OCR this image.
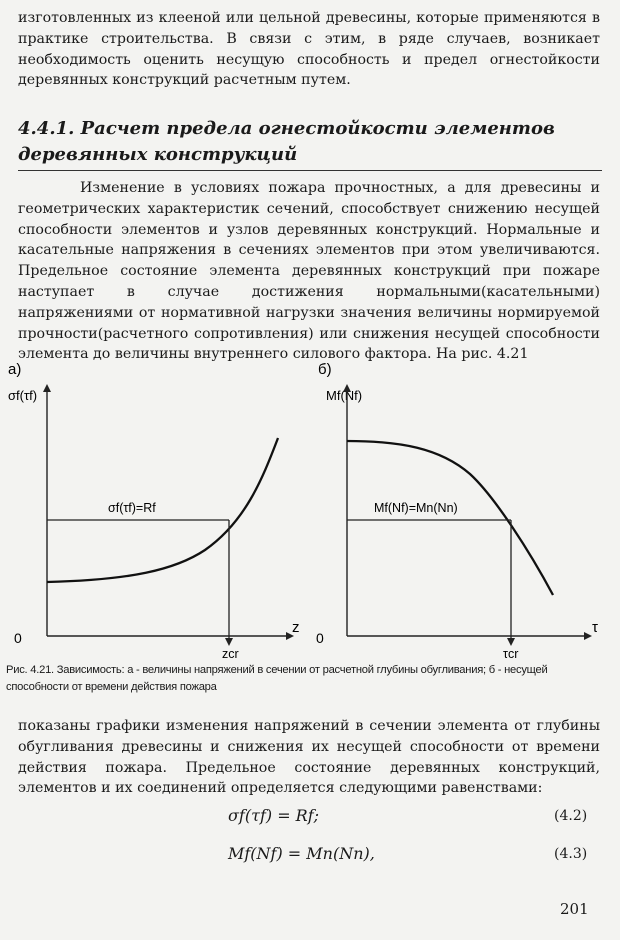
изготовленных из клееной или цельной древесины, которые применяются в практике строительства. В связи с этим, в ряде случаев, возникает необходимость оценить несущую способность и предел огнестойкости деревянных конструкций расчетным путем.

4.4.1. Расчет предела огнестойкости элементов деревянных конструкций

Изменение в условиях пожара прочностных, а для древесины и геометрических характеристик сечений, способствует снижению несущей способности элементов и узлов деревянных конструкций. Нормальные и касательные напряжения в сечениях элементов при этом увеличиваются. Предельное состояние элемента деревянных конструкций при пожаре наступает в случае достижения нормальными(касательными) напряжениями от нормативной нагрузки значения величины нормируемой прочности(расчетного сопротивления) или снижения несущей способности элемента до величины внутреннего силового фактора. На рис. 4.21

а)
σf(τf)
0
z
σf(τf)=Rf
zcr
б)
Mf(Nf)
0
τ
Mf(Nf)=Mn(Nn)
τcr

Рис. 4.21. Зависимость: а - величины напряжений в сечении от расчетной глубины обугливания; б - несущей способности от времени действия пожара

показаны графики изменения напряжений в сечении элемента от глубины обугливания древесины и снижения их несущей способности от времени действия пожара. Предельное состояние деревянных конструкций, элементов и их соединений определяется следующими равенствами:

σf(τf) = Rf;	(4.2)
Mf(Nf) = Mn(Nn),	(4.3)
201
